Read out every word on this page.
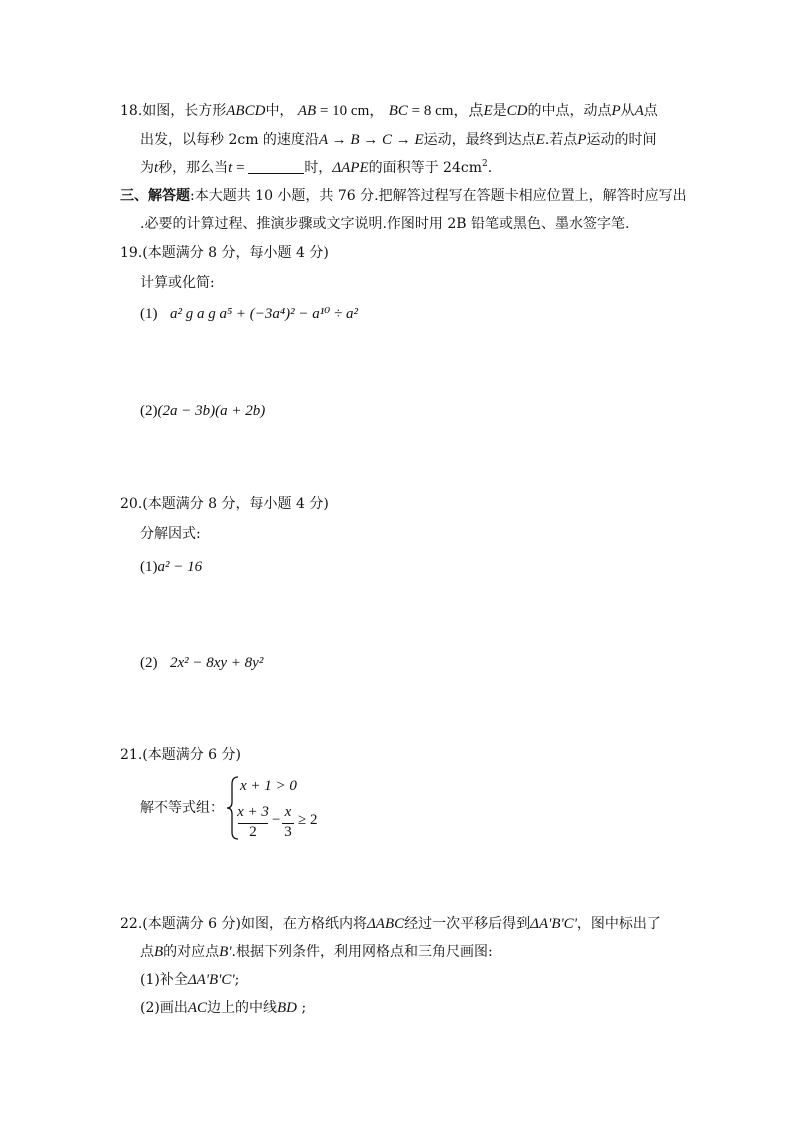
18.如图，长方形ABCD中， AB = 10 cm， BC = 8 cm，点E是CD的中点，动点P从A点
出发，以每秒 2cm 的速度沿A → B → C → E运动，最终到达点E.若点P运动的时间
为t秒，那么当t =	时，ΔAPE的面积等于 $24cm^2$.
三、解答题:本大题共 10 小题，共 76 分.把解答过程写在答题卡相应位置上，解答时应写出
.必要的计算过程、推演步骤或文字说明.作图时用 2B 铅笔或黑色、墨水签字笔.
19.(本题满分 8 分，每小题 4 分)
计算或化简:
(1) a² g a g a⁵ + (−3a⁴)² − a¹⁰ ÷ a²
(2)(2a − 3b)(a + 2b)
20.(本题满分 8 分，每小题 4 分)
分解因式:
(1)a² − 16
(2) 2x² − 8xy + 8y²
21.(本题满分 6 分)
解不等式组：
x + 1 > 0
x + 3
2
− x
3
≥ 2
22.(本题满分 6 分)如图，在方格纸内将ΔABC经过一次平移后得到ΔA'B'C'，图中标出了
点B的对应点B'.根据下列条件，利用网格点和三角尺画图:
(1)补全ΔA'B'C';
(2)画出AC边上的中线BD ;
